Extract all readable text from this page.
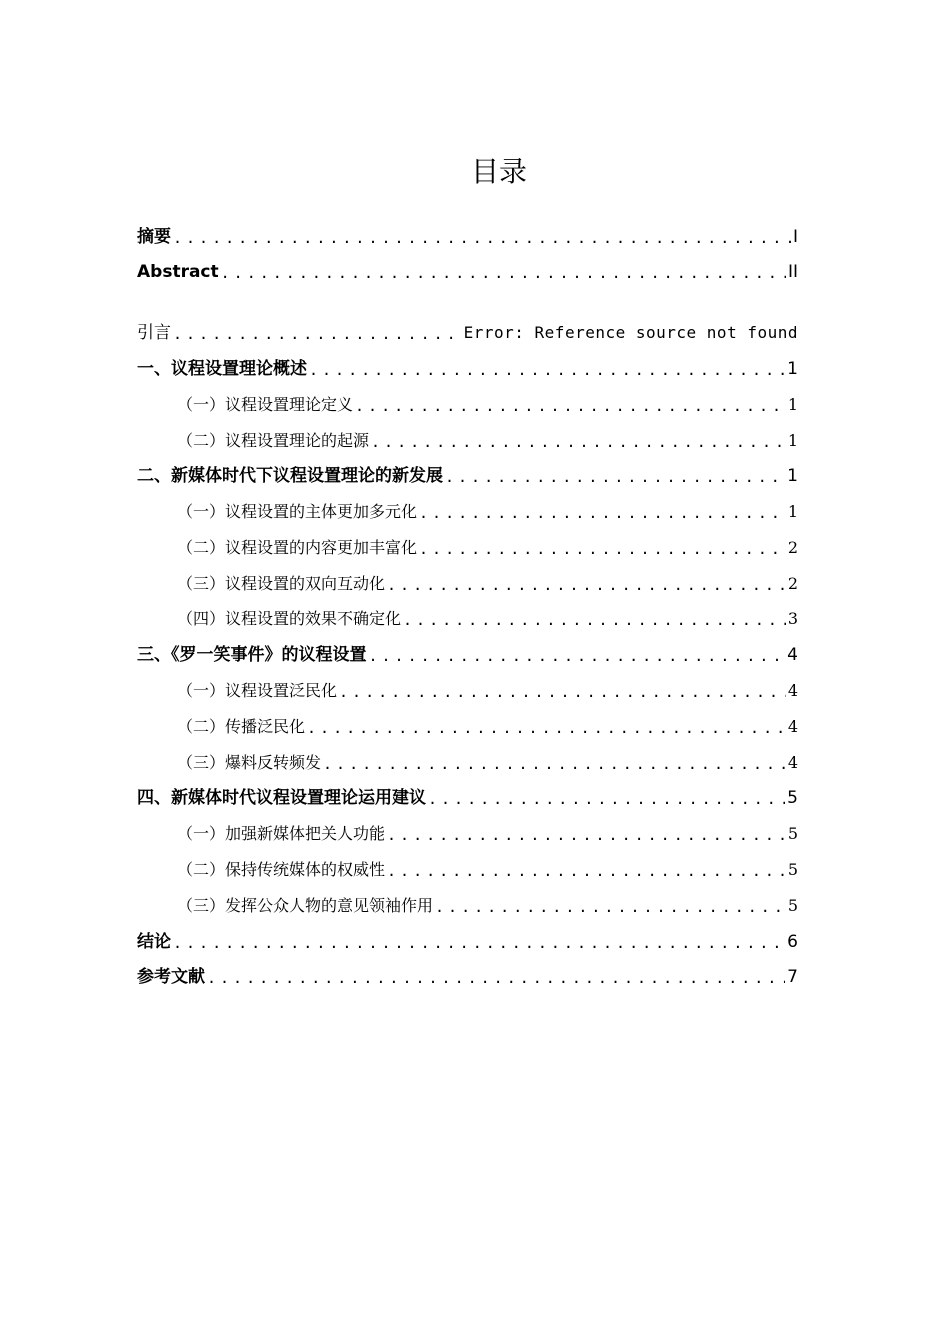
目录
摘要 .....	I
Abstract .....	II
引言 .....	Error: Reference source not found
一、议程设置理论概述 .....	1
（一）议程设置理论定义 .....	1
（二）议程设置理论的起源 .....	1
二、新媒体时代下议程设置理论的新发展 .....	1
（一）议程设置的主体更加多元化 .....	1
（二）议程设置的内容更加丰富化 .....	2
（三）议程设置的双向互动化 .....	2
（四）议程设置的效果不确定化 .....	3
三、《罗一笑事件》的议程设置 .....	4
（一）议程设置泛民化 .....	4
（二）传播泛民化 .....	4
（三）爆料反转频发 .....	4
四、新媒体时代议程设置理论运用建议 .....	5
（一）加强新媒体把关人功能 .....	5
（二）保持传统媒体的权威性 .....	5
（三）发挥公众人物的意见领袖作用 .....	5
结论 .....	6
参考文献 .....	7
